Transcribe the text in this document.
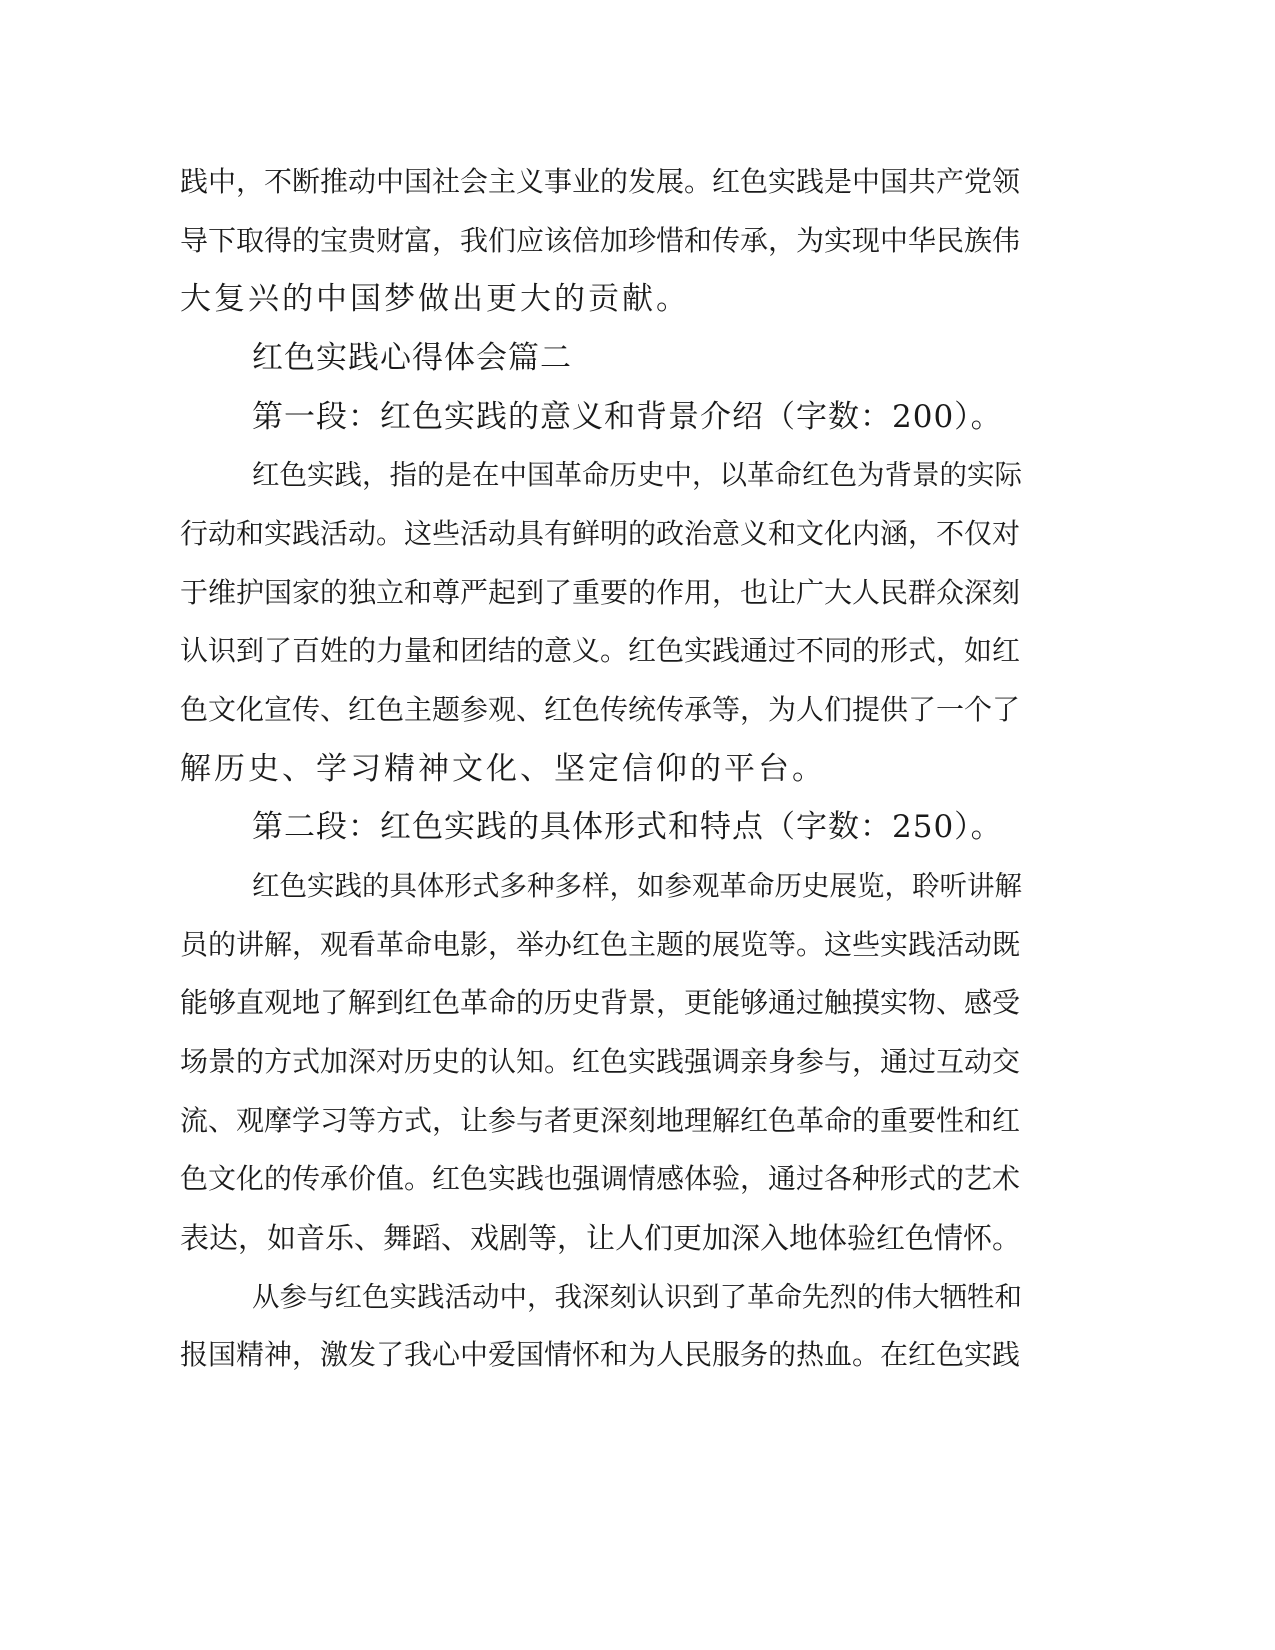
践中，不断推动中国社会主义事业的发展。红色实践是中国共产党领

导下取得的宝贵财富，我们应该倍加珍惜和传承，为实现中华民族伟

大复兴的中国梦做出更大的贡献。

红色实践心得体会篇二

第一段：红色实践的意义和背景介绍（字数：200）。

红色实践，指的是在中国革命历史中，以革命红色为背景的实际

行动和实践活动。这些活动具有鲜明的政治意义和文化内涵，不仅对

于维护国家的独立和尊严起到了重要的作用，也让广大人民群众深刻

认识到了百姓的力量和团结的意义。红色实践通过不同的形式，如红

色文化宣传、红色主题参观、红色传统传承等，为人们提供了一个了

解历史、学习精神文化、坚定信仰的平台。

第二段：红色实践的具体形式和特点（字数：250）。

红色实践的具体形式多种多样，如参观革命历史展览，聆听讲解

员的讲解，观看革命电影，举办红色主题的展览等。这些实践活动既

能够直观地了解到红色革命的历史背景，更能够通过触摸实物、感受

场景的方式加深对历史的认知。红色实践强调亲身参与，通过互动交

流、观摩学习等方式，让参与者更深刻地理解红色革命的重要性和红

色文化的传承价值。红色实践也强调情感体验，通过各种形式的艺术

表达，如音乐、舞蹈、戏剧等，让人们更加深入地体验红色情怀。

从参与红色实践活动中，我深刻认识到了革命先烈的伟大牺牲和

报国精神，激发了我心中爱国情怀和为人民服务的热血。在红色实践
